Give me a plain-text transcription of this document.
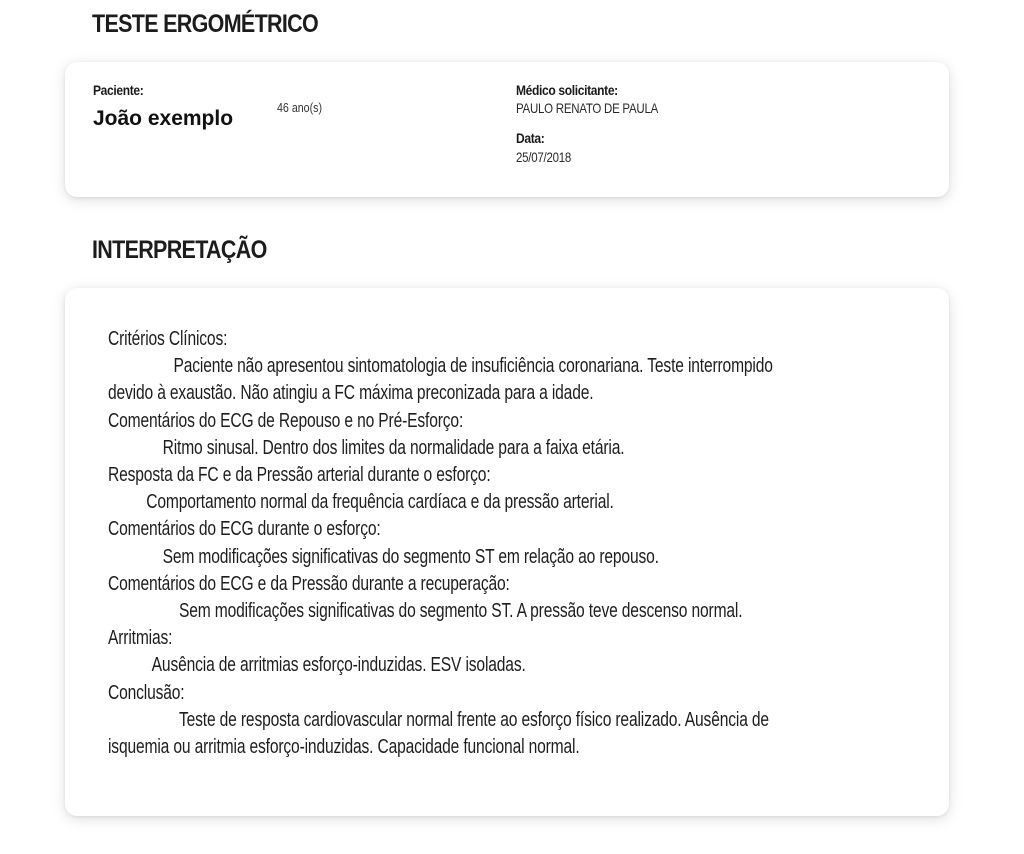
TESTE ERGOMÉTRICO
Paciente:
João exemplo	46 ano(s)
Médico solicitante:
PAULO RENATO DE PAULA
Data:
25/07/2018
INTERPRETAÇÃO
Critérios Clínicos:
Paciente não apresentou sintomatologia de insuficiência coronariana. Teste interrompido
devido à exaustão. Não atingiu a FC máxima preconizada para a idade.
Comentários do ECG de Repouso e no Pré-Esforço:
Ritmo sinusal. Dentro dos limites da normalidade para a faixa etária.
Resposta da FC e da Pressão arterial durante o esforço:
Comportamento normal da frequência cardíaca e da pressão arterial.
Comentários do ECG durante o esforço:
Sem modificações significativas do segmento ST em relação ao repouso.
Comentários do ECG e da Pressão durante a recuperação:
Sem modificações significativas do segmento ST. A pressão teve descenso normal.
Arritmias:
Ausência de arritmias esforço-induzidas. ESV isoladas.
Conclusão:
Teste de resposta cardiovascular normal frente ao esforço físico realizado. Ausência de
isquemia ou arritmia esforço-induzidas. Capacidade funcional normal.
